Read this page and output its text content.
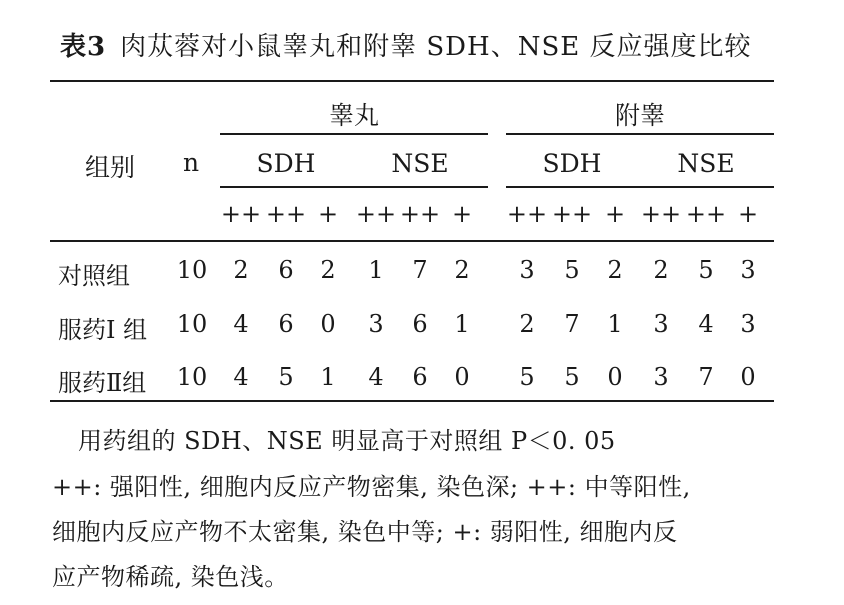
表3 肉苁蓉对小鼠睾丸和附睾 SDH、NSE 反应强度比较
组别 n
睾丸	附睾
SDH	NSE	SDH	NSE
++ ++ + ++ ++ + ++ ++ + ++ ++ +
对照组 10 2 6 2 1 7 2 3 5 2 2 5 3
服药Ⅰ 组 10 4 6 0 3 6 1 2 7 1 3 4 3
服药Ⅱ组 10 4 5 1 4 6 0 5 5 0 3 7 0
用药组的 SDH、NSE 明显高于对照组 P＜0. 05
++: 强阳性, 细胞内反应产物密集, 染色深; ++: 中等阳性,
细胞内反应产物不太密集, 染色中等; +: 弱阳性, 细胞内反
应产物稀疏, 染色浅。
